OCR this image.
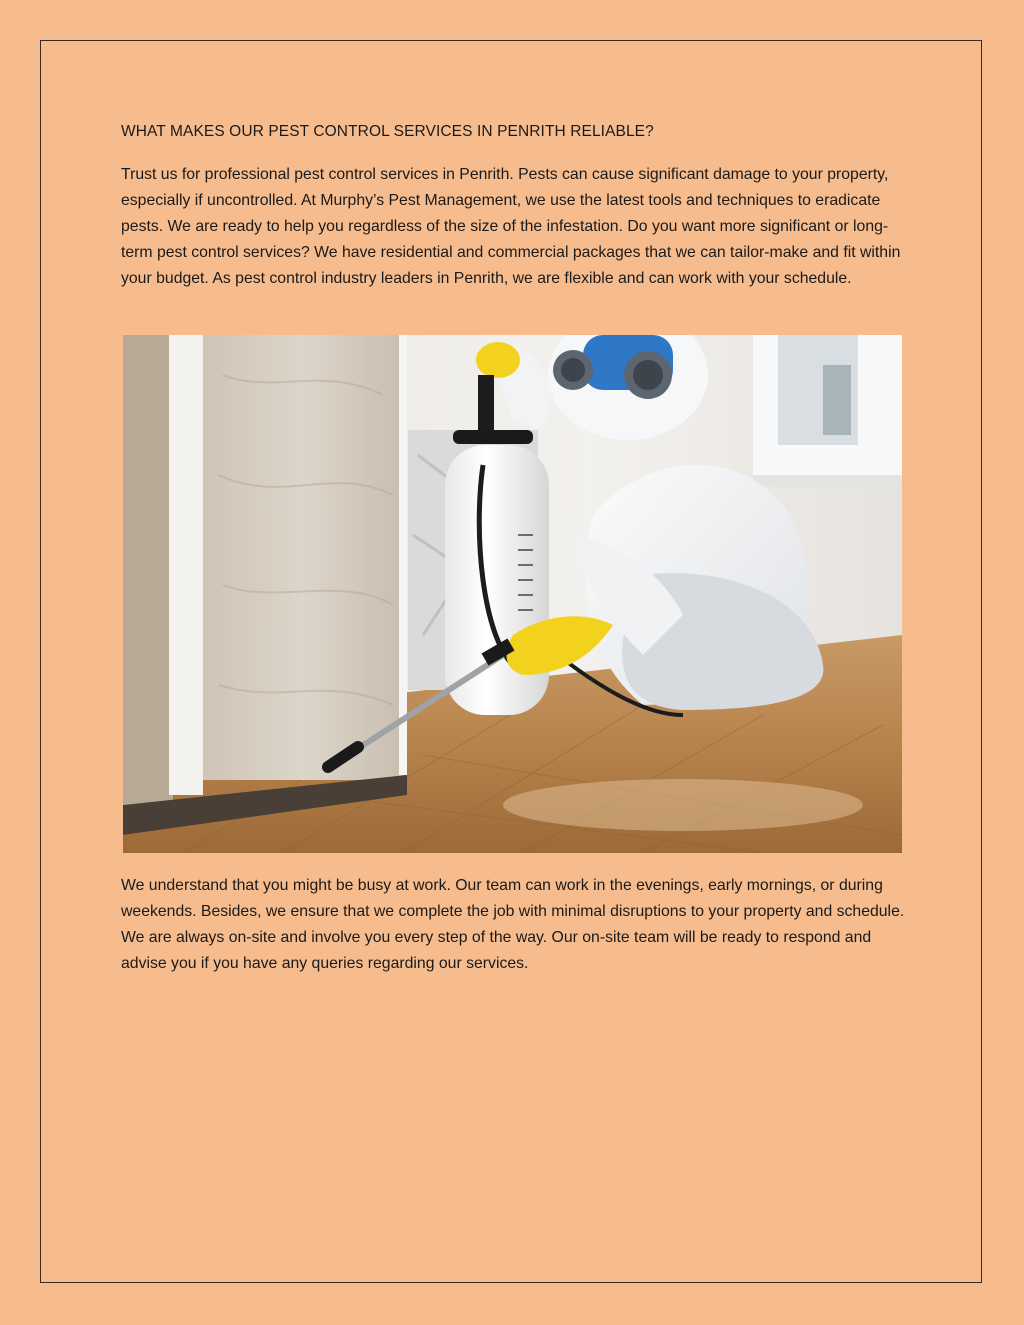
WHAT MAKES OUR PEST CONTROL SERVICES IN PENRITH RELIABLE?

Trust us for professional pest control services in Penrith. Pests can cause significant damage to your property, especially if uncontrolled. At Murphy’s Pest Management, we use the latest tools and techniques to eradicate pests. We are ready to help you regardless of the size of the infestation. Do you want more significant or long-term pest control services? We have residential and commercial packages that we can tailor-make and fit within your budget. As pest control industry leaders in Penrith, we are flexible and can work with your schedule.

We understand that you might be busy at work. Our team can work in the evenings, early mornings, or during weekends. Besides, we ensure that we complete the job with minimal disruptions to your property and schedule. We are always on-site and involve you every step of the way. Our on-site team will be ready to respond and advise you if you have any queries regarding our services.
